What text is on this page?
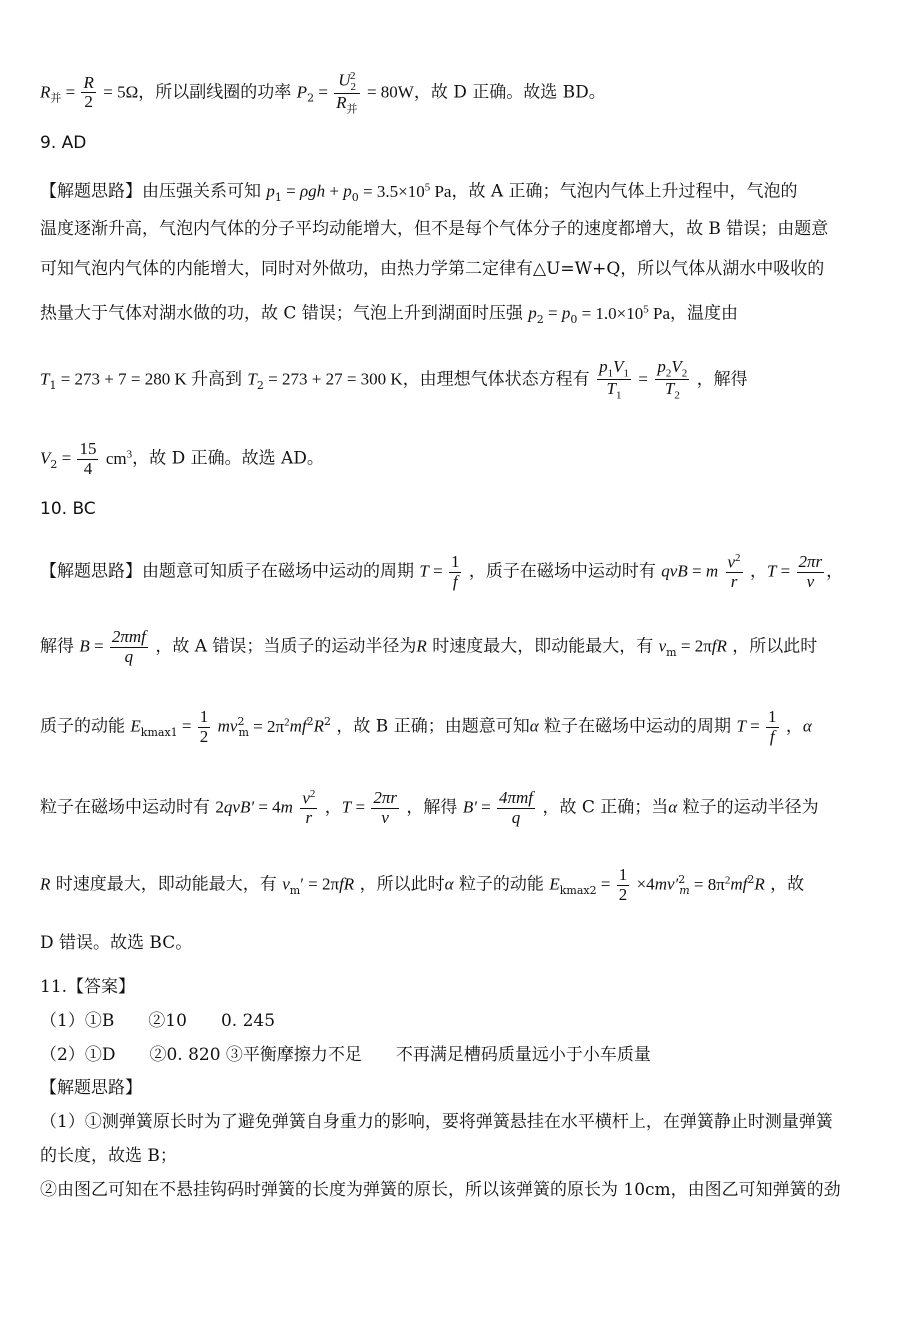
$R_并 = \frac{R}{2} = 5\Omega$，所以副线圈的功率 $P_2 = \frac{U_2^2}{R_并} = 80W$，故 D 正确。故选 BD。
9. AD
【解题思路】由压强关系可知 $p_1 = \rho gh + p_0 = 3.5\times 10^5$ Pa，故 A 正确；气泡内气体上升过程中，气泡的
温度逐渐升高，气泡内气体的分子平均动能增大，但不是每个气体分子的速度都增大，故 B 错误；由题意
可知气泡内气体的内能增大，同时对外做功，由热力学第二定律有△U=W+Q，所以气体从湖水中吸收的
热量大于气体对湖水做的功，故 C 错误；气泡上升到湖面时压强 $p_2 = p_0 = 1.0\times 10^5$ Pa，温度由
$T_1 = 273 + 7 = 280$ K 升高到 $T_2 = 273 + 27 = 300$ K，由理想气体状态方程有 $\frac{p_1V_1}{T_1} = \frac{p_2V_2}{T_2}$ ，解得
$V_2 = \frac{15}{4} cm^3$，故 D 正确。故选 AD。
10. BC
【解题思路】由题意可知质子在磁场中运动的周期 $T = \frac{1}{f}$ ，质子在磁场中运动时有 qvB = m $\frac{v^2}{r}$ ，$T = \frac{2\pi r}{v}$ ，
解得 $B = \frac{\text{2πmf}}{q}$ ，故 A 错误；当质子的运动半径为R 时速度最大，即动能最大，有 $v_m = 2\pi fR$ ，所以此时
质子的动能 $E_{kmax1} = \frac{1}{2} mv^2_m = 2\pi^2mf^2R^2$ ，故 B 正确；由题意可知α 粒子在磁场中运动的周期 $T = \frac{1}{f}$ ，α
粒子在磁场中运动时有 $2qvB' = 4m \frac{v^2}{r}$ ，$T = \frac{2\pi r}{v}$ ，解得 $B' = \frac{\text{4πmf}}{q}$ ，故 C 正确；当α 粒子的运动半径为
R 时速度最大，即动能最大，有 $v_m' = 2\pi fR$ ，所以此时α 粒子的动能 $E_{kmax2} = \frac{1}{2} \times 4mv'^2_m = 8\pi^2mf^2R$ ，故
D 错误。故选 BC。
11.【答案】
（1）①B　　②10　　0. 245
（2）①D　　②0. 820 ③平衡摩擦力不足　　不再满足槽码质量远小于小车质量
【解题思路】
（1）①测弹簧原长时为了避免弹簧自身重力的影响，要将弹簧悬挂在水平横杆上，在弹簧静止时测量弹簧
的长度，故选 B；
②由图乙可知在不悬挂钩码时弹簧的长度为弹簧的原长，所以该弹簧的原长为 10cm，由图乙可知弹簧的劲
